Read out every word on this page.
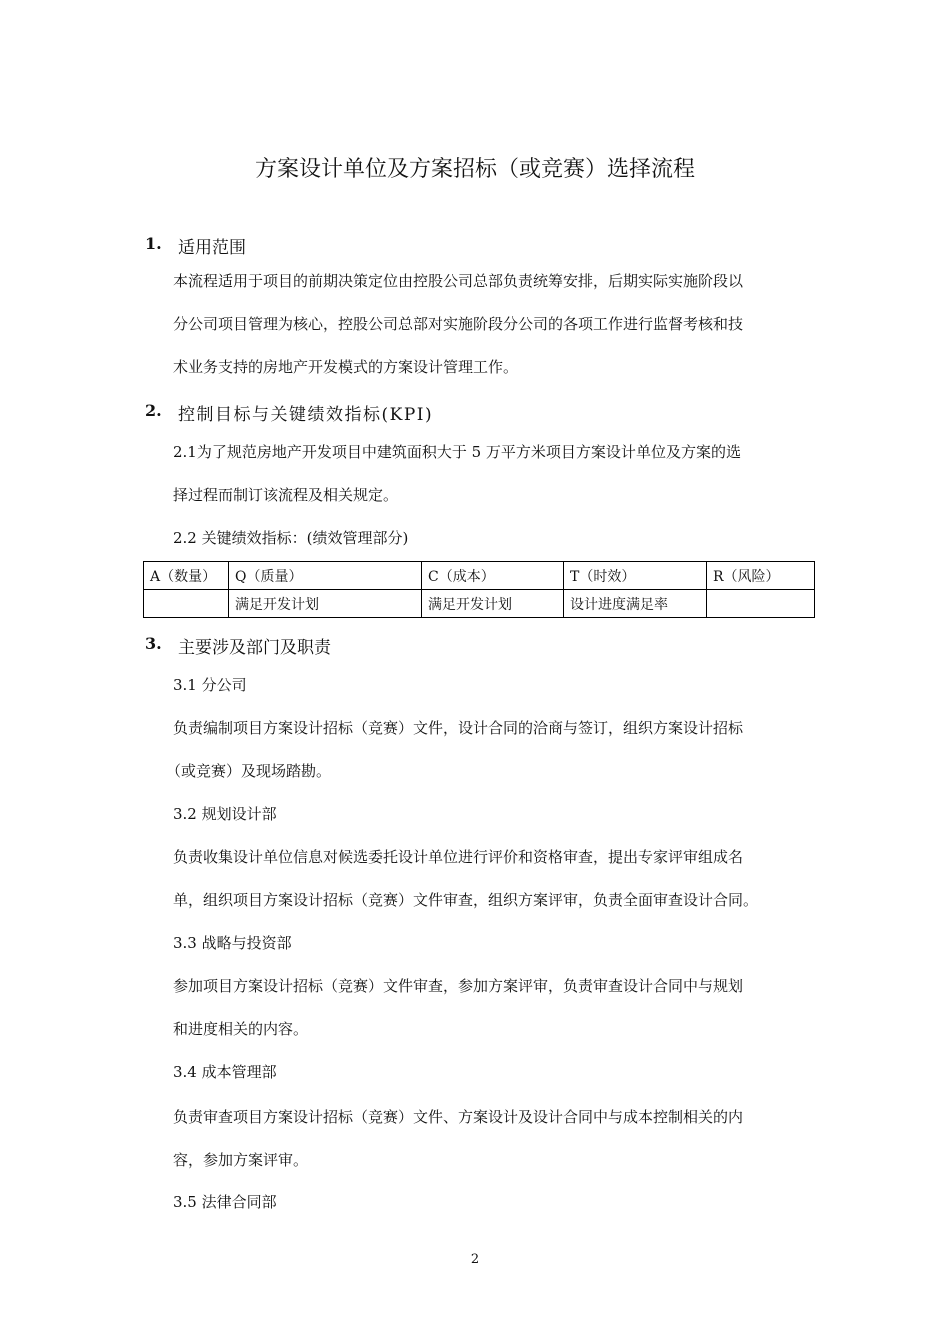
方案设计单位及方案招标（或竞赛）选择流程
1. 适用范围
本流程适用于项目的前期决策定位由控股公司总部负责统筹安排，后期实际实施阶段以
分公司项目管理为核心，控股公司总部对实施阶段分公司的各项工作进行监督考核和技
术业务支持的房地产开发模式的方案设计管理工作。
2. 控制目标与关键绩效指标(KPI)
2.1为了规范房地产开发项目中建筑面积大于 5 万平方米项目方案设计单位及方案的选
择过程而制订该流程及相关规定。
2.2 关键绩效指标：(绩效管理部分)
A（数量）	Q（质量）	C（成本）	T（时效）	R（风险）
	满足开发计划	满足开发计划	设计进度满足率	
3. 主要涉及部门及职责
3.1 分公司
负责编制项目方案设计招标（竞赛）文件，设计合同的洽商与签订，组织方案设计招标
（或竞赛）及现场踏勘。
3.2 规划设计部
负责收集设计单位信息对候选委托设计单位进行评价和资格审查，提出专家评审组成名
单，组织项目方案设计招标（竞赛）文件审查，组织方案评审，负责全面审查设计合同。
3.3 战略与投资部
参加项目方案设计招标（竞赛）文件审查，参加方案评审，负责审查设计合同中与规划
和进度相关的内容。
3.4 成本管理部
负责审查项目方案设计招标（竞赛）文件、方案设计及设计合同中与成本控制相关的内
容，参加方案评审。
3.5 法律合同部
2
